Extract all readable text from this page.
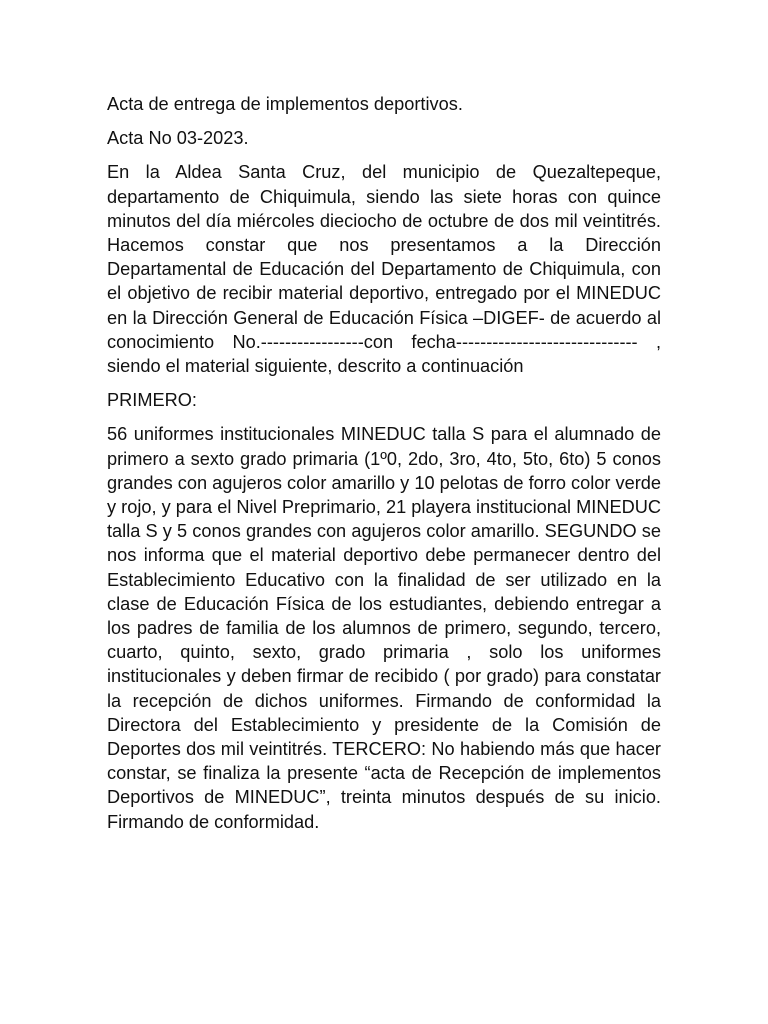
Acta de entrega de implementos deportivos.

Acta No 03-2023.

En la Aldea Santa Cruz, del municipio de Quezaltepeque, departamento de Chiquimula, siendo las siete horas con quince minutos del día miércoles dieciocho de octubre de dos mil veintitrés. Hacemos constar que nos presentamos a la Dirección Departamental de Educación del Departamento de Chiquimula, con el objetivo de recibir material deportivo, entregado por el MINEDUC en la Dirección General de Educación Física –DIGEF- de acuerdo al conocimiento No.-----------------con fecha------------------------------ , siendo el material siguiente, descrito a continuación

PRIMERO:

56 uniformes institucionales MINEDUC talla S para el alumnado de primero a sexto grado primaria (1º0, 2do, 3ro, 4to, 5to, 6to) 5 conos grandes con agujeros color amarillo y 10 pelotas de forro color verde y rojo, y para el Nivel Preprimario, 21 playera institucional MINEDUC talla S y 5 conos grandes con agujeros color amarillo. SEGUNDO se nos informa que el material deportivo debe permanecer dentro del Establecimiento Educativo con la finalidad de ser utilizado en la clase de Educación Física de los estudiantes, debiendo entregar a los padres de familia de los alumnos de primero, segundo, tercero, cuarto, quinto, sexto, grado primaria , solo los uniformes institucionales y deben firmar de recibido ( por grado) para constatar la recepción de dichos uniformes. Firmando de conformidad la Directora del Establecimiento y presidente de la Comisión de Deportes dos mil veintitrés. TERCERO: No habiendo más que hacer constar, se finaliza la presente “acta de Recepción de implementos Deportivos de MINEDUC”, treinta minutos después de su inicio. Firmando de conformidad.
